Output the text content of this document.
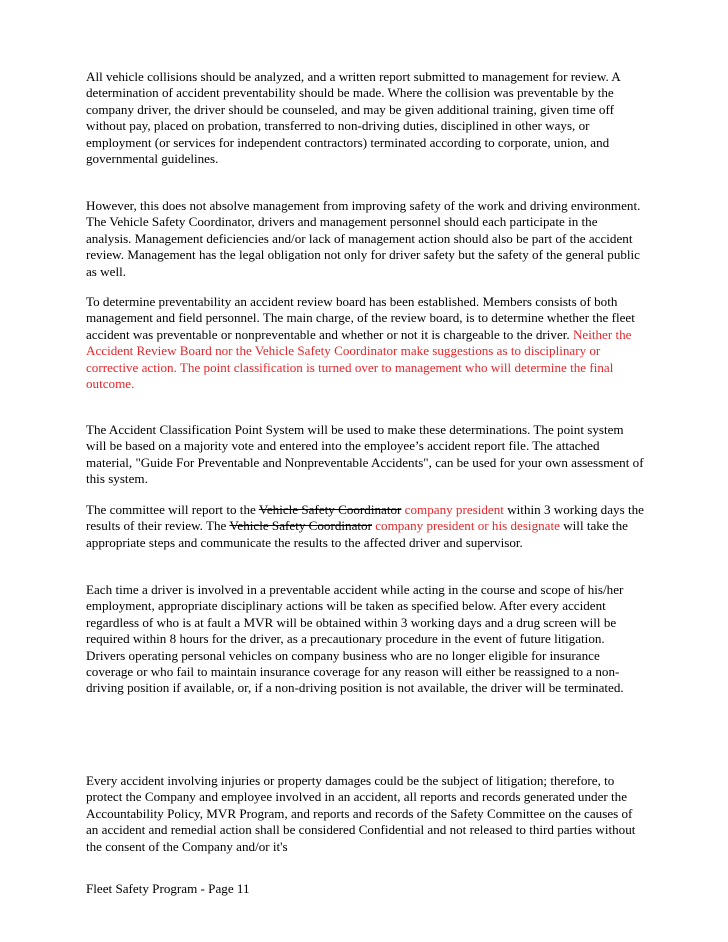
All vehicle collisions should be analyzed, and a written report submitted to management for review. A determination of accident preventability should be made. Where the collision was preventable by the company driver, the driver should be counseled, and may be given additional training, given time off without pay, placed on probation, transferred to non-driving duties, disciplined in other ways, or employment (or services for independent contractors) terminated according to corporate, union, and governmental guidelines.

However, this does not absolve management from improving safety of the work and driving environment. The Vehicle Safety Coordinator, drivers and management personnel should each participate in the analysis. Management deficiencies and/or lack of management action should also be part of the accident review. Management has the legal obligation not only for driver safety but the safety of the general public as well.

To determine preventability an accident review board has been established. Members consists of both management and field personnel. The main charge, of the review board, is to determine whether the fleet accident was preventable or nonpreventable and whether or not it is chargeable to the driver. Neither the Accident Review Board nor the Vehicle Safety Coordinator make suggestions as to disciplinary or corrective action. The point classification is turned over to management who will determine the final outcome.

The Accident Classification Point System will be used to make these determinations. The point system will be based on a majority vote and entered into the employee’s accident report file. The attached material, "Guide For Preventable and Nonpreventable Accidents", can be used for your own assessment of this system.

The committee will report to the Vehicle Safety Coordinator company president within 3 working days the results of their review. The Vehicle Safety Coordinator company president or his designate will take the appropriate steps and communicate the results to the affected driver and supervisor.

Each time a driver is involved in a preventable accident while acting in the course and scope of his/her employment, appropriate disciplinary actions will be taken as specified below. After every accident regardless of who is at fault a MVR will be obtained within 3 working days and a drug screen will be required within 8 hours for the driver, as a precautionary procedure in the event of future litigation. Drivers operating personal vehicles on company business who are no longer eligible for insurance coverage or who fail to maintain insurance coverage for any reason will either be reassigned to a non-driving position if available, or, if a non-driving position is not available, the driver will be terminated.

Every accident involving injuries or property damages could be the subject of litigation; therefore, to protect the Company and employee involved in an accident, all reports and records generated under the Accountability Policy, MVR Program, and reports and records of the Safety Committee on the causes of an accident and remedial action shall be considered Confidential and not released to third parties without the consent of the Company and/or it's

Fleet Safety Program - Page 11
